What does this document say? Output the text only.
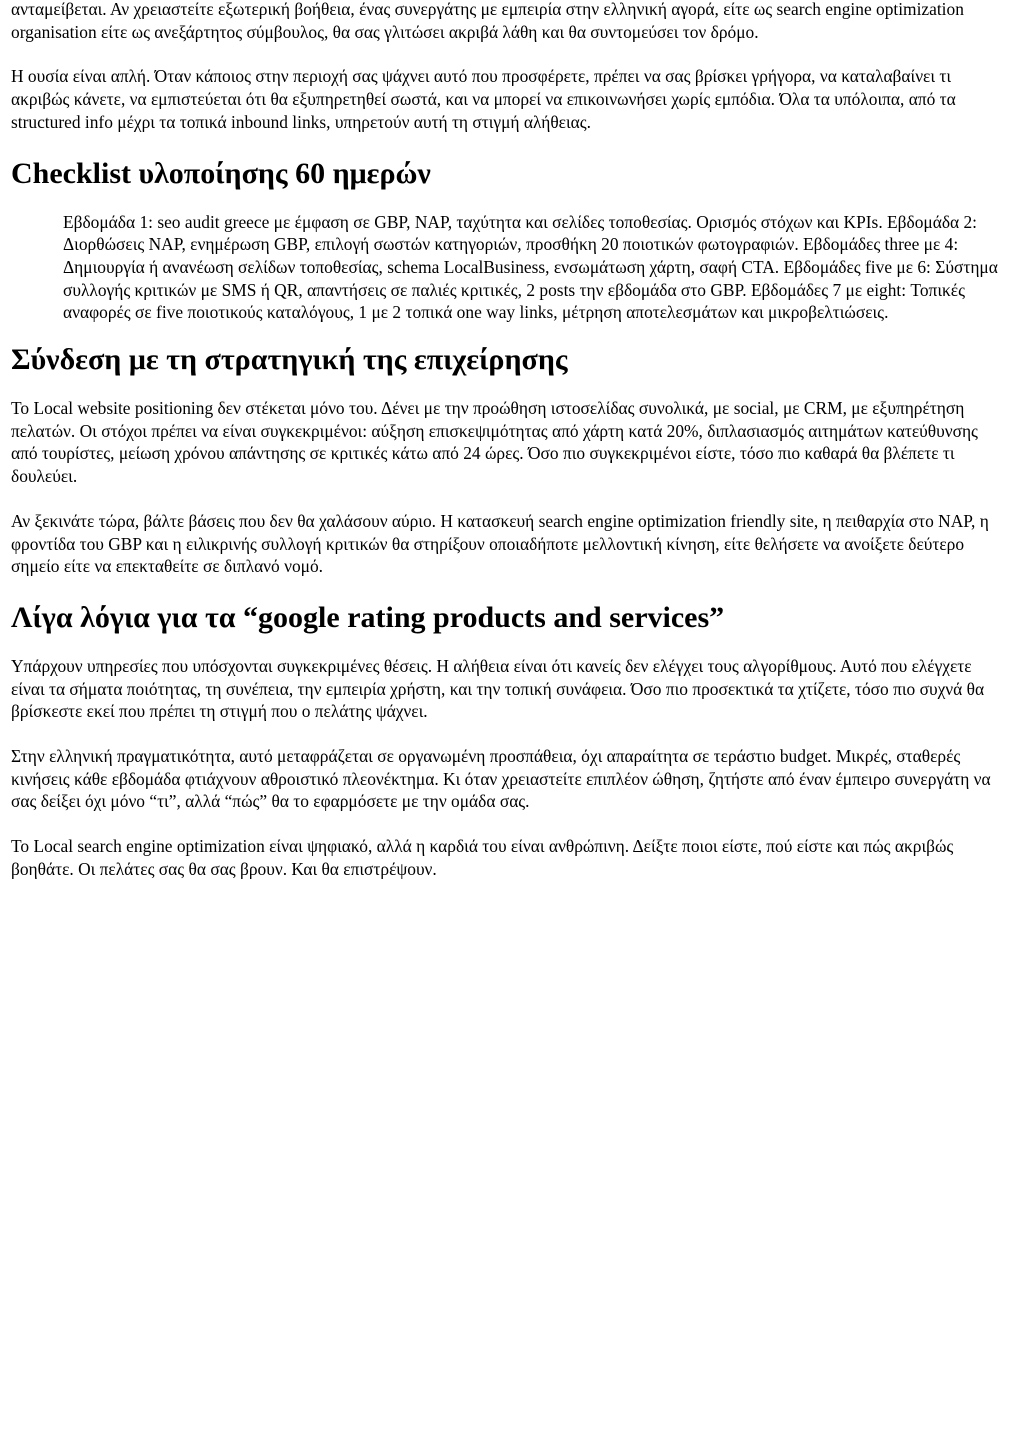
ανταμείβεται. Αν χρειαστείτε εξωτερική βοήθεια, ένας συνεργάτης με εμπειρία στην ελληνική αγορά, είτε ως search engine optimization organisation είτε ως ανεξάρτητος σύμβουλος, θα σας γλιτώσει ακριβά λάθη και θα συντομεύσει τον δρόμο.

Η ουσία είναι απλή. Όταν κάποιος στην περιοχή σας ψάχνει αυτό που προσφέρετε, πρέπει να σας βρίσκει γρήγορα, να καταλαβαίνει τι ακριβώς κάνετε, να εμπιστεύεται ότι θα εξυπηρετηθεί σωστά, και να μπορεί να επικοινωνήσει χωρίς εμπόδια. Όλα τα υπόλοιπα, από τα structured info μέχρι τα τοπικά inbound links, υπηρετούν αυτή τη στιγμή αλήθειας.

Checklist υλοποίησης 60 ημερών

Εβδομάδα 1: seo audit greece με έμφαση σε GBP, NAP, ταχύτητα και σελίδες τοποθεσίας. Ορισμός στόχων και KPIs. Εβδομάδα 2: Διορθώσεις NAP, ενημέρωση GBP, επιλογή σωστών κατηγοριών, προσθήκη 20 ποιοτικών φωτογραφιών. Εβδομάδες three με 4: Δημιουργία ή ανανέωση σελίδων τοποθεσίας, schema LocalBusiness, ενσωμάτωση χάρτη, σαφή CTA. Εβδομάδες five με 6: Σύστημα συλλογής κριτικών με SMS ή QR, απαντήσεις σε παλιές κριτικές, 2 posts την εβδομάδα στο GBP. Εβδομάδες 7 με eight: Τοπικές αναφορές σε five ποιοτικούς καταλόγους, 1 με 2 τοπικά one way links, μέτρηση αποτελεσμάτων και μικροβελτιώσεις.

Σύνδεση με τη στρατηγική της επιχείρησης

Το Local website positioning δεν στέκεται μόνο του. Δένει με την προώθηση ιστοσελίδας συνολικά, με social, με CRM, με εξυπηρέτηση πελατών. Οι στόχοι πρέπει να είναι συγκεκριμένοι: αύξηση επισκεψιμότητας από χάρτη κατά 20%, διπλασιασμός αιτημάτων κατεύθυνσης από τουρίστες, μείωση χρόνου απάντησης σε κριτικές κάτω από 24 ώρες. Όσο πιο συγκεκριμένοι είστε, τόσο πιο καθαρά θα βλέπετε τι δουλεύει.

Αν ξεκινάτε τώρα, βάλτε βάσεις που δεν θα χαλάσουν αύριο. Η κατασκευή search engine optimization friendly site, η πειθαρχία στο NAP, η φροντίδα του GBP και η ειλικρινής συλλογή κριτικών θα στηρίξουν οποιαδήποτε μελλοντική κίνηση, είτε θελήσετε να ανοίξετε δεύτερο σημείο είτε να επεκταθείτε σε διπλανό νομό.

Λίγα λόγια για τα “google rating products and services”

Υπάρχουν υπηρεσίες που υπόσχονται συγκεκριμένες θέσεις. Η αλήθεια είναι ότι κανείς δεν ελέγχει τους αλγορίθμους. Αυτό που ελέγχετε είναι τα σήματα ποιότητας, τη συνέπεια, την εμπειρία χρήστη, και την τοπική συνάφεια. Όσο πιο προσεκτικά τα χτίζετε, τόσο πιο συχνά θα βρίσκεστε εκεί που πρέπει τη στιγμή που ο πελάτης ψάχνει.

Στην ελληνική πραγματικότητα, αυτό μεταφράζεται σε οργανωμένη προσπάθεια, όχι απαραίτητα σε τεράστιο budget. Μικρές, σταθερές κινήσεις κάθε εβδομάδα φτιάχνουν αθροιστικό πλεονέκτημα. Κι όταν χρειαστείτε επιπλέον ώθηση, ζητήστε από έναν έμπειρο συνεργάτη να σας δείξει όχι μόνο “τι”, αλλά “πώς” θα το εφαρμόσετε με την ομάδα σας.

Το Local search engine optimization είναι ψηφιακό, αλλά η καρδιά του είναι ανθρώπινη. Δείξτε ποιοι είστε, πού είστε και πώς ακριβώς βοηθάτε. Οι πελάτες σας θα σας βρουν. Και θα επιστρέψουν.
